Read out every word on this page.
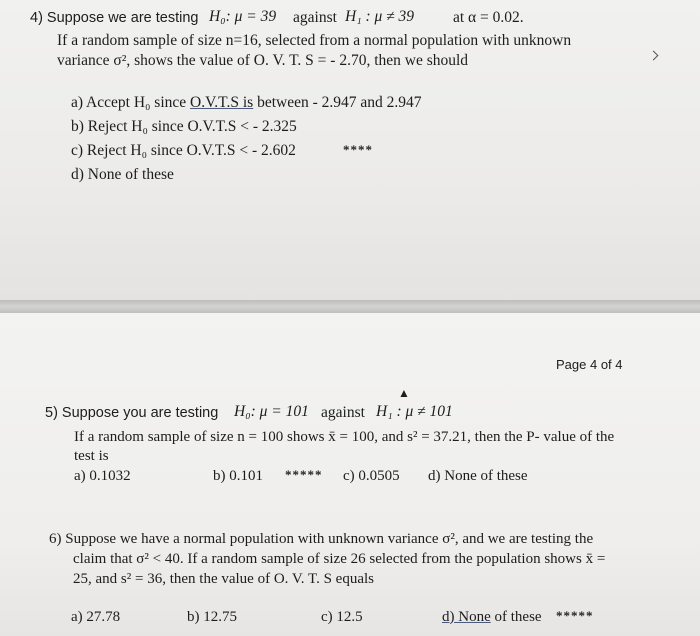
4) Suppose we are testing H₀: μ = 39 against H₁ : μ ≠ 39	at α = 0.02.
If a random sample of size n=16, selected from a normal population with unknown
variance σ², shows the value of O. V. T. S = - 2.70, then we should
a) Accept H₀ since O.V.T.S is between - 2.947 and 2.947
b) Reject H₀ since O.V.T.S < - 2.325
c) Reject H₀ since O.V.T.S < - 2.602	****
d) None of these
Page 4 of 4
▲
5) Suppose you are testing H₀: μ = 101 against H₁ : μ ≠ 101
If a random sample of size n = 100 shows x̄ = 100, and s² = 37.21, then the P- value of the
test is
a) 0.1032	b) 0.101 ***** c) 0.0505 d) None of these
6) Suppose we have a normal population with unknown variance σ², and we are testing the
claim that σ² < 40. If a random sample of size 26 selected from the population shows x̄ =
25, and s² = 36, then the value of O. V. T. S equals
a) 27.78	b) 12.75	c) 12.5	d) None of these *****
